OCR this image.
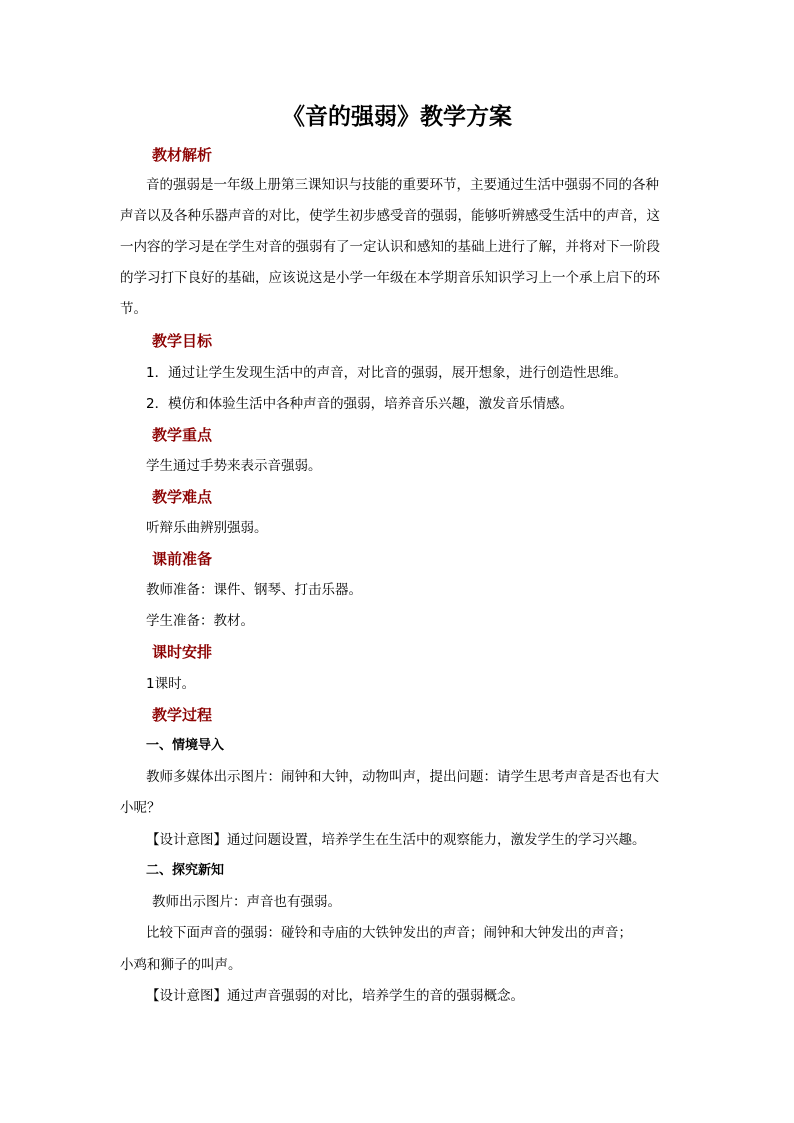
《音的强弱》教学方案
教材解析
音的强弱是一年级上册第三课知识与技能的重要环节，主要通过生活中强弱不同的各种
声音以及各种乐器声音的对比，使学生初步感受音的强弱，能够听辨感受生活中的声音，这
一内容的学习是在学生对音的强弱有了一定认识和感知的基础上进行了解，并将对下一阶段
的学习打下良好的基础，应该说这是小学一年级在本学期音乐知识学习上一个承上启下的环
节。
教学目标
1．通过让学生发现生活中的声音，对比音的强弱，展开想象，进行创造性思维。
2．模仿和体验生活中各种声音的强弱，培养音乐兴趣，激发音乐情感。
教学重点
学生通过手势来表示音强弱。
教学难点
听辩乐曲辨别强弱。
课前准备
教师准备：课件、钢琴、打击乐器。
学生准备：教材。
课时安排
1课时。
教学过程
一、情境导入
教师多媒体出示图片：闹钟和大钟，动物叫声，提出问题：请学生思考声音是否也有大
小呢？
【设计意图】通过问题设置，培养学生在生活中的观察能力，激发学生的学习兴趣。
二、探究新知
教师出示图片：声音也有强弱。
比较下面声音的强弱：碰铃和寺庙的大铁钟发出的声音；闹钟和大钟发出的声音；
小鸡和狮子的叫声。
【设计意图】通过声音强弱的对比，培养学生的音的强弱概念。
